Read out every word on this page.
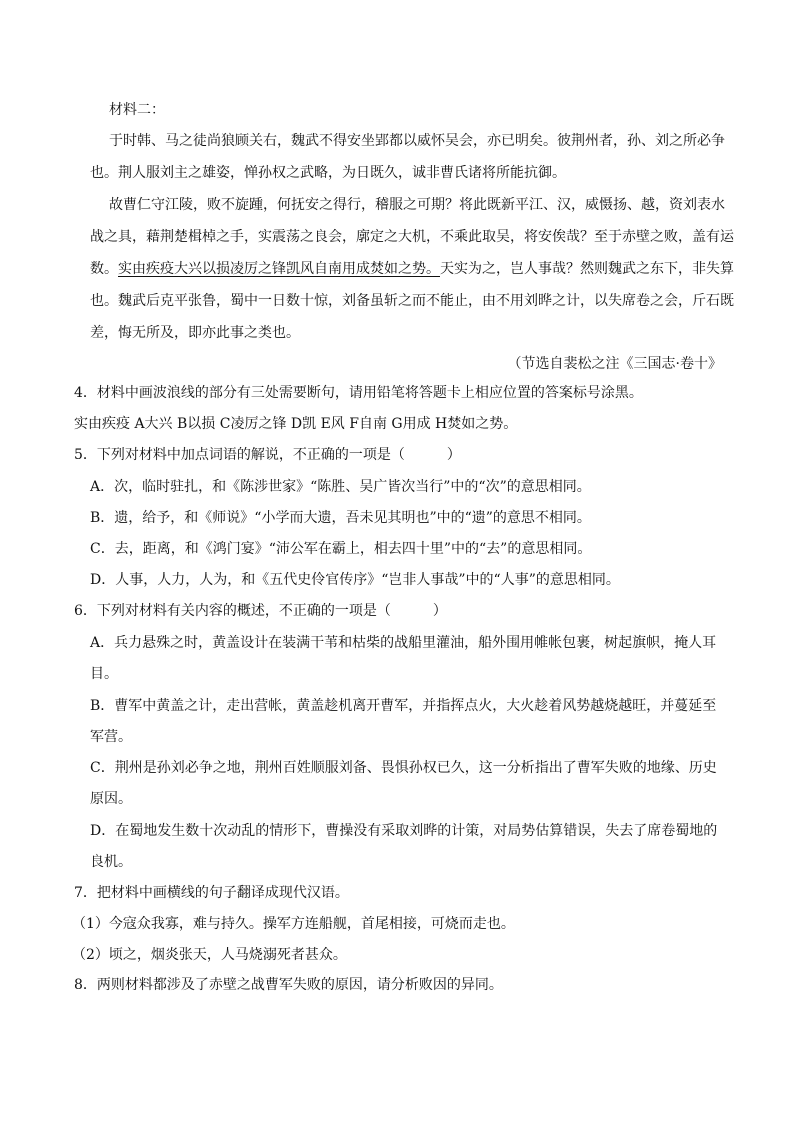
材料二：
于时韩、马之徒尚狼顾关右，魏武不得安坐郢都以威怀吴会，亦已明矣。彼荆州者，孙、刘之所必争
也。荆人服刘主之雄姿，惮孙权之武略，为日既久，诚非曹氏诸将所能抗御。
故曹仁守江陵，败不旋踵，何抚安之得行，稽服之可期？将此既新平江、汉，威慑扬、越，资刘表水
战之具，藉荆楚楫棹之手，实震荡之良会，廓定之大机，不乘此取吴，将安俟哉？至于赤壁之败，盖有运
数。实由疾疫大兴以损凌厉之锋凯风自南用成焚如之势。天实为之，岂人事哉？然则魏武之东下，非失算
也。魏武后克平张鲁，蜀中一日数十惊，刘备虽斩之而不能止，由不用刘晔之计，以失席卷之会，斤石既
差，悔无所及，即亦此事之类也。
（节选自裴松之注《三国志·卷十》
4．材料中画波浪线的部分有三处需要断句，请用铅笔将答题卡上相应位置的答案标号涂黑。
实由疾疫 A大兴 B以损 C凌厉之锋 D凯 E风 F自南 G用成 H焚如之势。
5．下列对材料中加点词语的解说，不正确的一项是（　　　）
A．次，临时驻扎，和《陈涉世家》“陈胜、吴广皆次当行”中的“次”的意思相同。
B．遗，给予，和《师说》“小学而大遗，吾未见其明也”中的“遗”的意思不相同。
C．去，距离，和《鸿门宴》“沛公军在霸上，相去四十里”中的“去”的意思相同。
D．人事，人力，人为，和《五代史伶官传序》“岂非人事哉”中的“人事”的意思相同。
6．下列对材料有关内容的概述，不正确的一项是（　　　）
A．兵力悬殊之时，黄盖设计在装满干苇和枯柴的战船里灌油，船外围用帷帐包裹，树起旗帜，掩人耳
目。
B．曹军中黄盖之计，走出营帐，黄盖趁机离开曹军，并指挥点火，大火趁着风势越烧越旺，并蔓延至
军营。
C．荆州是孙刘必争之地，荆州百姓顺服刘备、畏惧孙权已久，这一分析指出了曹军失败的地缘、历史
原因。
D．在蜀地发生数十次动乱的情形下，曹操没有采取刘晔的计策，对局势估算错误，失去了席卷蜀地的
良机。
7．把材料中画横线的句子翻译成现代汉语。
（1）今寇众我寡，难与持久。操军方连船舰，首尾相接，可烧而走也。
（2）顷之，烟炎张天，人马烧溺死者甚众。
8．两则材料都涉及了赤壁之战曹军失败的原因，请分析败因的异同。
